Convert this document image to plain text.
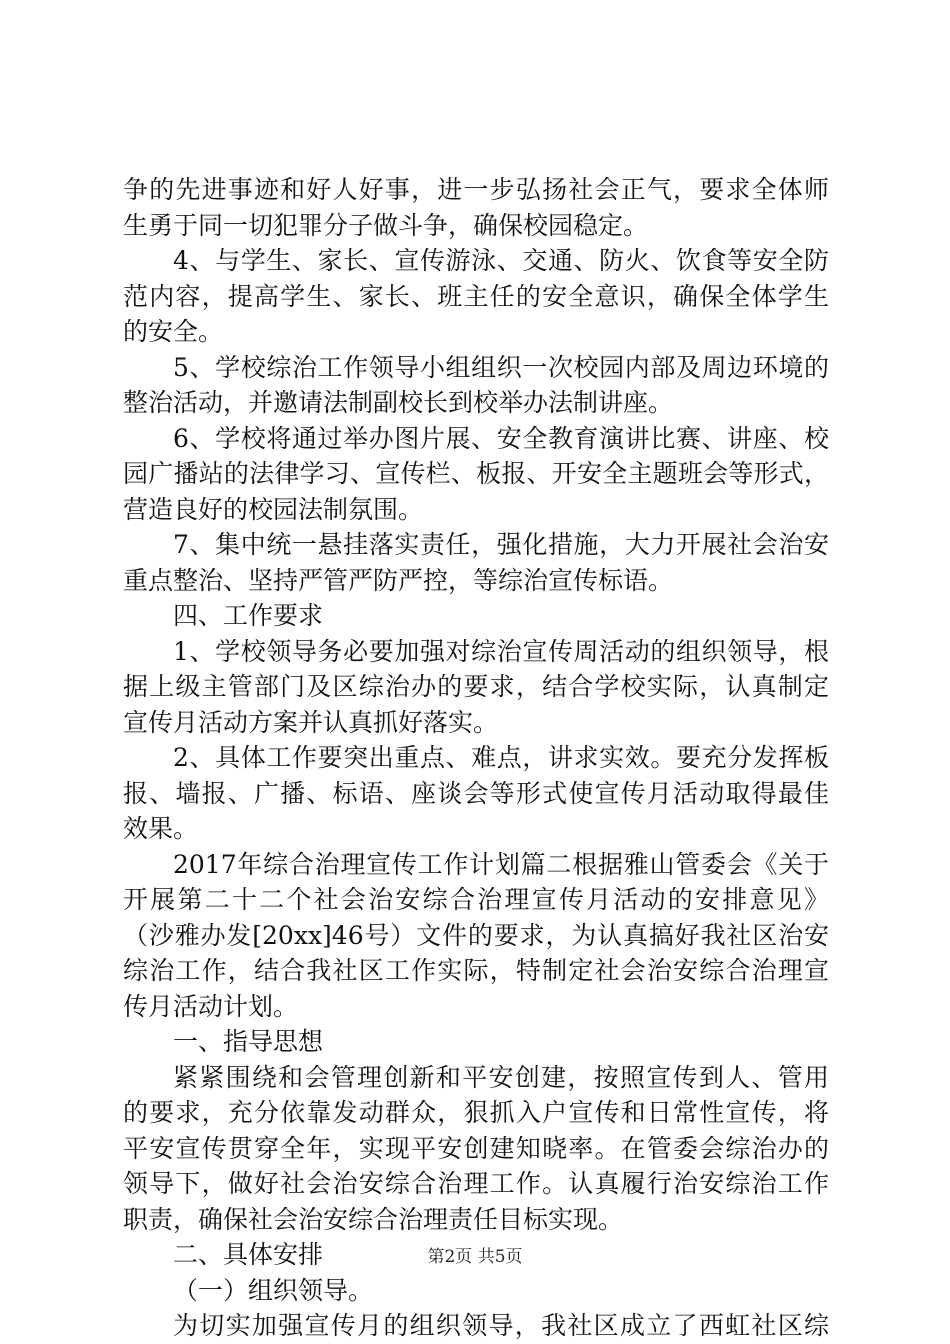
争的先进事迹和好人好事，进一步弘扬社会正气，要求全体师
生勇于同一切犯罪分子做斗争，确保校园稳定。
4、与学生、家长、宣传游泳、交通、防火、饮食等安全防
范内容，提高学生、家长、班主任的安全意识，确保全体学生
的安全。
5、学校综治工作领导小组组织一次校园内部及周边环境的
整治活动，并邀请法制副校长到校举办法制讲座。
6、学校将通过举办图片展、安全教育演讲比赛、讲座、校
园广播站的法律学习、宣传栏、板报、开安全主题班会等形式，
营造良好的校园法制氛围。
7、集中统一悬挂落实责任，强化措施，大力开展社会治安
重点整治、坚持严管严防严控，等综治宣传标语。
四、工作要求
1、学校领导务必要加强对综治宣传周活动的组织领导，根
据上级主管部门及区综治办的要求，结合学校实际，认真制定
宣传月活动方案并认真抓好落实。
2、具体工作要突出重点、难点，讲求实效。要充分发挥板
报、墙报、广播、标语、座谈会等形式使宣传月活动取得最佳
效果。
2017年综合治理宣传工作计划篇二根据雅山管委会《关于
开展第二十二个社会治安综合治理宣传月活动的安排意见》
（沙雅办发[20xx]46号）文件的要求，为认真搞好我社区治安
综治工作，结合我社区工作实际，特制定社会治安综合治理宣
传月活动计划。
一、指导思想
紧紧围绕和会管理创新和平安创建，按照宣传到人、管用
的要求，充分依靠发动群众，狠抓入户宣传和日常性宣传，将
平安宣传贯穿全年，实现平安创建知晓率。在管委会综治办的
领导下，做好社会治安综合治理工作。认真履行治安综治工作
职责，确保社会治安综合治理责任目标实现。
二、具体安排
（一）组织领导。
为切实加强宣传月的组织领导，我社区成立了西虹社区综
第2页 共5页
